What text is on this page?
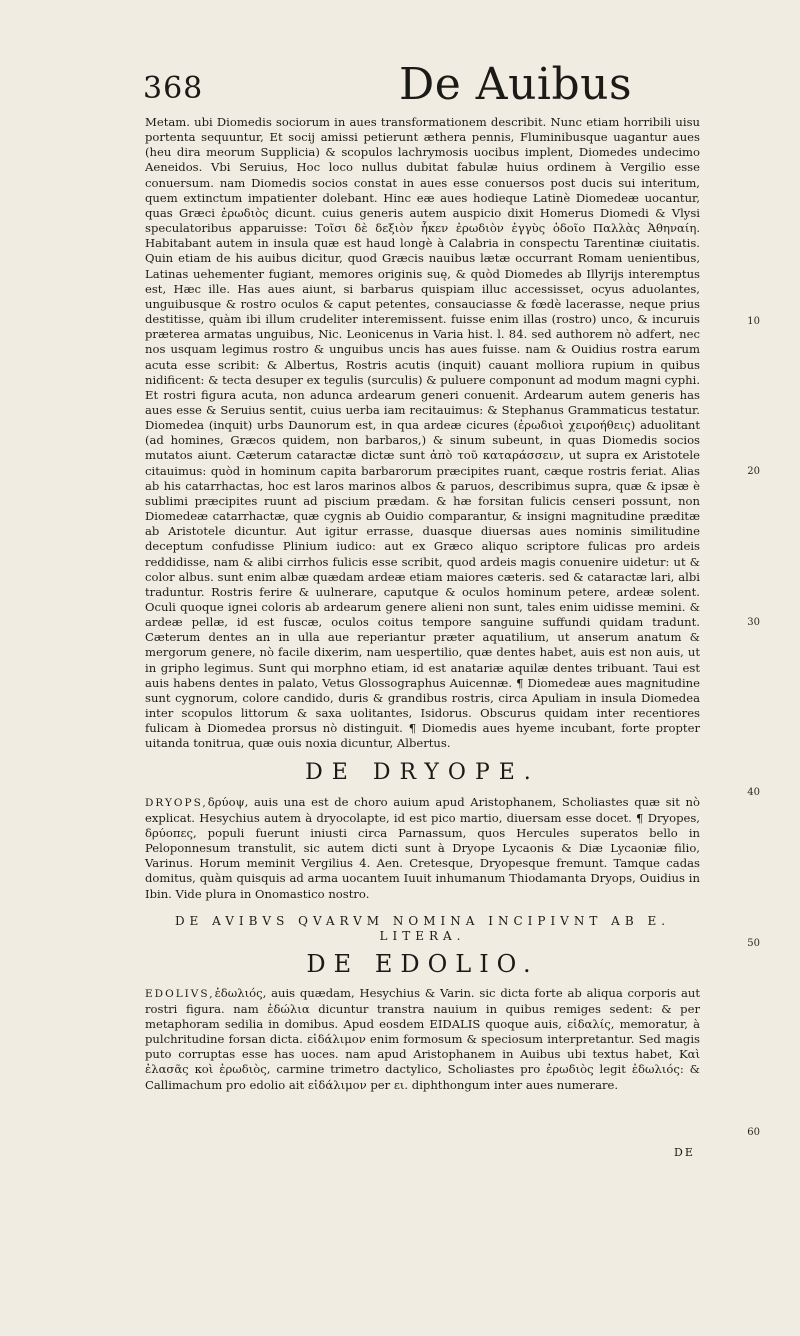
368	De Auibus

Metam. ubi Diomedis sociorum in aues transformationem describit. Nunc etiam horribili uisu portenta sequuntur, Et socij amissi petierunt æthera pennis, Fluminibusque uagantur aues (heu dira meorum Supplicia) & scopulos lachrymosis uocibus implent, Diomedes undecimo Aeneidos. Vbi Seruius, Hoc loco nullus dubitat fabulæ huius ordinem à Vergilio esse conuersum. nam Diomedis socios constat in aues esse conuersos post ducis sui interitum, quem extinctum impatienter dolebant. Hinc eæ aues hodieque Latinè Diomedeæ uocantur, quas Græci ἐρωδιὸς dicunt. cuius generis autem auspicio dixit Homerus Diomedi & Vlysi speculatoribus apparuisse: Τοῖσι δὲ δεξιὸν ἧκεν ἐρωδιὸν ἐγγὺς ὁδοῖο Παλλὰς Ἀθηναίη. Habitabant autem in insula quæ est haud longè à Calabria in conspectu Tarentinæ ciuitatis. Quin etiam de his auibus dicitur, quod Græcis nauibus lætæ occurrant Romam uenientibus, Latinas uehementer fugiant, memores originis suę, & quòd Diomedes ab Illyrijs interemptus est, Hæc ille. Has aues aiunt, si barbarus quispiam illuc accessisset, ocyus aduolantes, unguibusque & rostro oculos & caput petentes, consauciasse & fœdè lacerasse, neque prius destitisse, quàm ibi illum crudeliter interemissent. fuisse enim illas (rostro) unco, & incuruis præterea armatas unguibus, Nic. Leonicenus in Varia hist. l. 84. sed authorem nò adfert, nec nos usquam legimus rostro & unguibus uncis has aues fuisse. nam & Ouidius rostra earum acuta esse scribit: & Albertus, Rostris acutis (inquit) cauant molliora rupium in quibus nidificent: & tecta desuper ex tegulis (surculis) & puluere componunt ad modum magni cyphi. Et rostri figura acuta, non adunca ardearum generi conuenit. Ardearum autem generis has aues esse & Seruius sentit, cuius uerba iam recitauimus: & Stephanus Grammaticus testatur. Diomedea (inquit) urbs Daunorum est, in qua ardeæ cicures (ἐρωδιοὶ χειροήθεις) aduolitant (ad homines, Græcos quidem, non barbaros,) & sinum subeunt, in quas Diomedis socios mutatos aiunt. Cæterum cataractæ dictæ sunt ἀπὸ τοῦ καταράσσειν, ut supra ex Aristotele citauimus: quòd in hominum capita barbarorum præcipites ruant, cæque rostris feriat. Alias ab his catarrhactas, hoc est laros marinos albos & paruos, describimus supra, quæ & ipsæ è sublimi præcipites ruunt ad piscium prædam. & hæ forsitan fulicis censeri possunt, non Diomedeæ catarrhactæ, quæ cygnis ab Ouidio comparantur, & insigni magnitudine præditæ ab Aristotele dicuntur. Aut igitur errasse, duasque diuersas aues nominis similitudine deceptum confudisse Plinium iudico: aut ex Græco aliquo scriptore fulicas pro ardeis reddidisse, nam & alibi cirrhos fulicis esse scribit, quod ardeis magis conuenire uidetur: ut & color albus. sunt enim albæ quædam ardeæ etiam maiores cæteris. sed & cataractæ lari, albi traduntur. Rostris ferire & uulnerare, caputque & oculos hominum petere, ardeæ solent. Oculi quoque ignei coloris ab ardearum genere alieni non sunt, tales enim uidisse memini. & ardeæ pellæ, id est fuscæ, oculos coitus tempore sanguine suffundi quidam tradunt. Cæterum dentes an in ulla aue reperiantur præter aquatilium, ut anserum anatum & mergorum genere, nò facile dixerim, nam uespertilio, quæ dentes habet, auis est non auis, ut in gripho legimus. Sunt qui morphno etiam, id est anatariæ aquilæ dentes tribuant. Taui est auis habens dentes in palato, Vetus Glossographus Auicennæ. ¶ Diomedeæ aues magnitudine sunt cygnorum, colore candido, duris & grandibus rostris, circa Apuliam in insula Diomedea inter scopulos littorum & saxa uolitantes, Isidorus. Obscurus quidam inter recentiores fulicam à Diomedea prorsus nò distinguit. ¶ Diomedis aues hyeme incubant, forte propter uitanda tonitrua, quæ ouis noxia dicuntur, Albertus.

DE DRYOPE.

DRYOPS,δρύοψ, auis una est de choro auium apud Aristophanem, Scholiastes quæ sit nò explicat. Hesychius autem à dryocolapte, id est pico martio, diuersam esse docet. ¶ Dryopes, δρύοπες, populi fuerunt iniusti circa Parnassum, quos Hercules superatos bello in Peloponnesum transtulit, sic autem dicti sunt à Dryope Lycaonis & Diæ Lycaoniæ filio, Varinus. Horum meminit Vergilius 4. Aen. Cretesque, Dryopesque fremunt. Tamque cadas domitus, quàm quisquis ad arma uocantem Iuuit inhumanum Thiodamanta Dryops, Ouidius in Ibin. Vide plura in Onomastico nostro.

DE AVIBVS QVARVM NOMINA INCIPIVNT AB E. LITERA.
DE EDOLIO.

EDOLIVS,ἐδωλιός, auis quædam, Hesychius & Varin. sic dicta forte ab aliqua corporis aut rostri figura. nam ἑδώλια dicuntur transtra nauium in quibus remiges sedent: & per metaphoram sedilia in domibus. Apud eosdem EIDALIS quoque auis, εἰδαλίς, memoratur, à pulchritudine forsan dicta. εἰδάλιμον enim formosum & speciosum interpretantur. Sed magis puto corruptas esse has uoces. nam apud Aristophanem in Auibus ubi textus habet, Καὶ ἐλασᾶς κοὶ ἐρωδιὸς, carmine trimetro dactylico, Scholiastes pro ἐρωδιὸς legit ἐδωλιός: & Callimachum pro edolio ait εἰδάλιμον per ει. diphthongum inter aues numerare.

10
20
30
40
50
60
DE
